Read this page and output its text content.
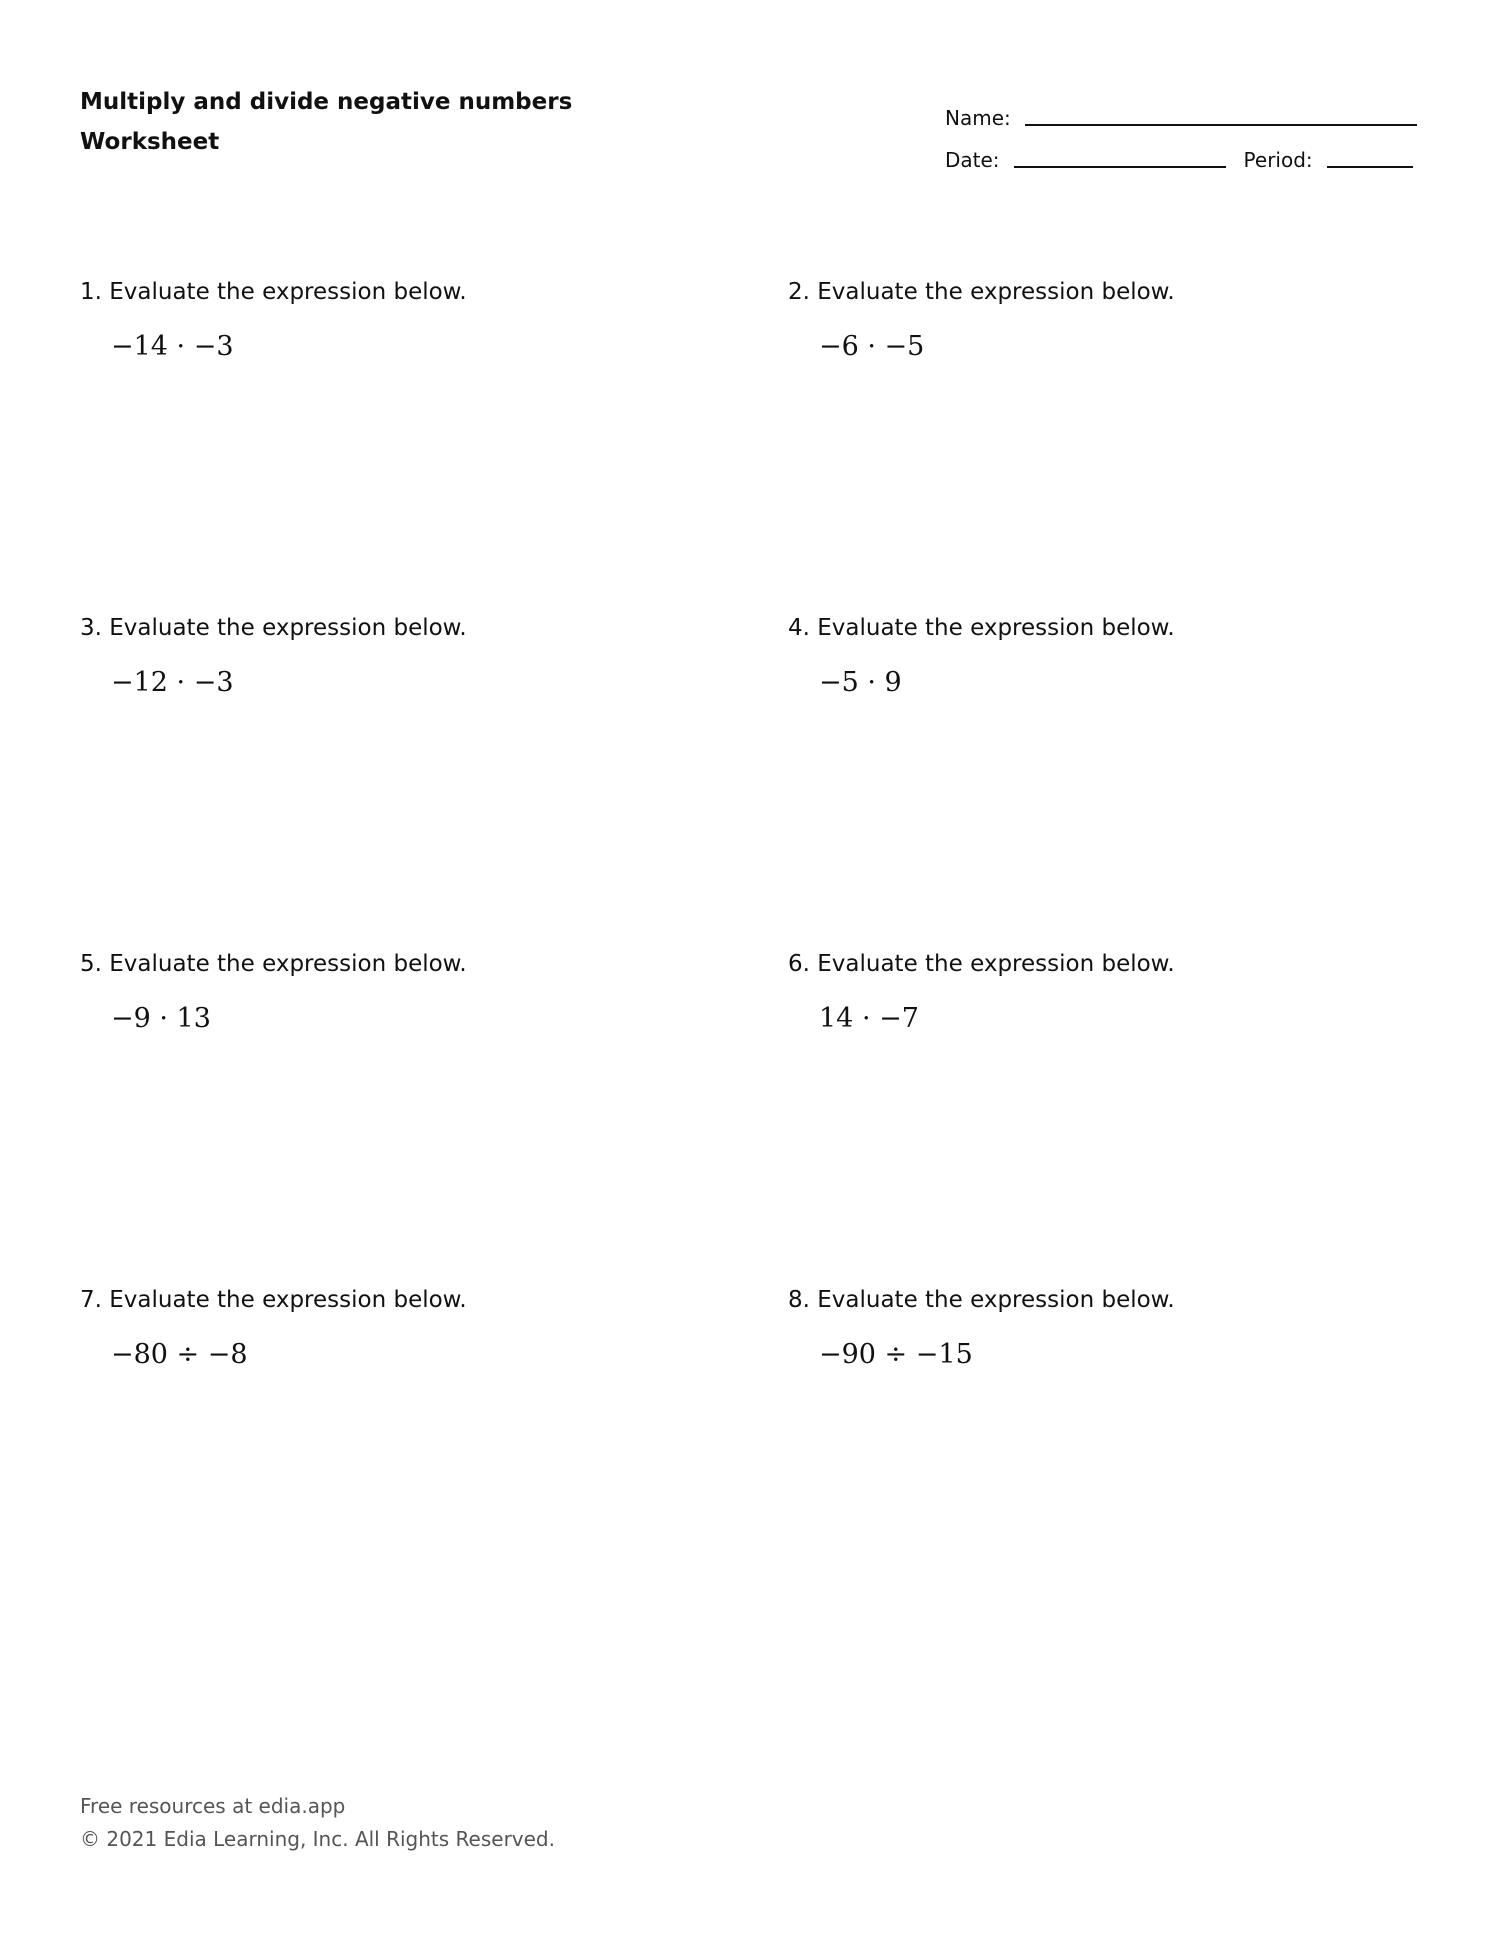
Multiply and divide negative numbers
Worksheet
Name:
Date:	Period:
1. Evaluate the expression below.
−14 · −3
2. Evaluate the expression below.
−6 · −5
3. Evaluate the expression below.
−12 · −3
4. Evaluate the expression below.
−5 · 9
5. Evaluate the expression below.
−9 · 13
6. Evaluate the expression below.
14 · −7
7. Evaluate the expression below.
−80 ÷ −8
8. Evaluate the expression below.
−90 ÷ −15
Free resources at edia.app
© 2021 Edia Learning, Inc. All Rights Reserved.
